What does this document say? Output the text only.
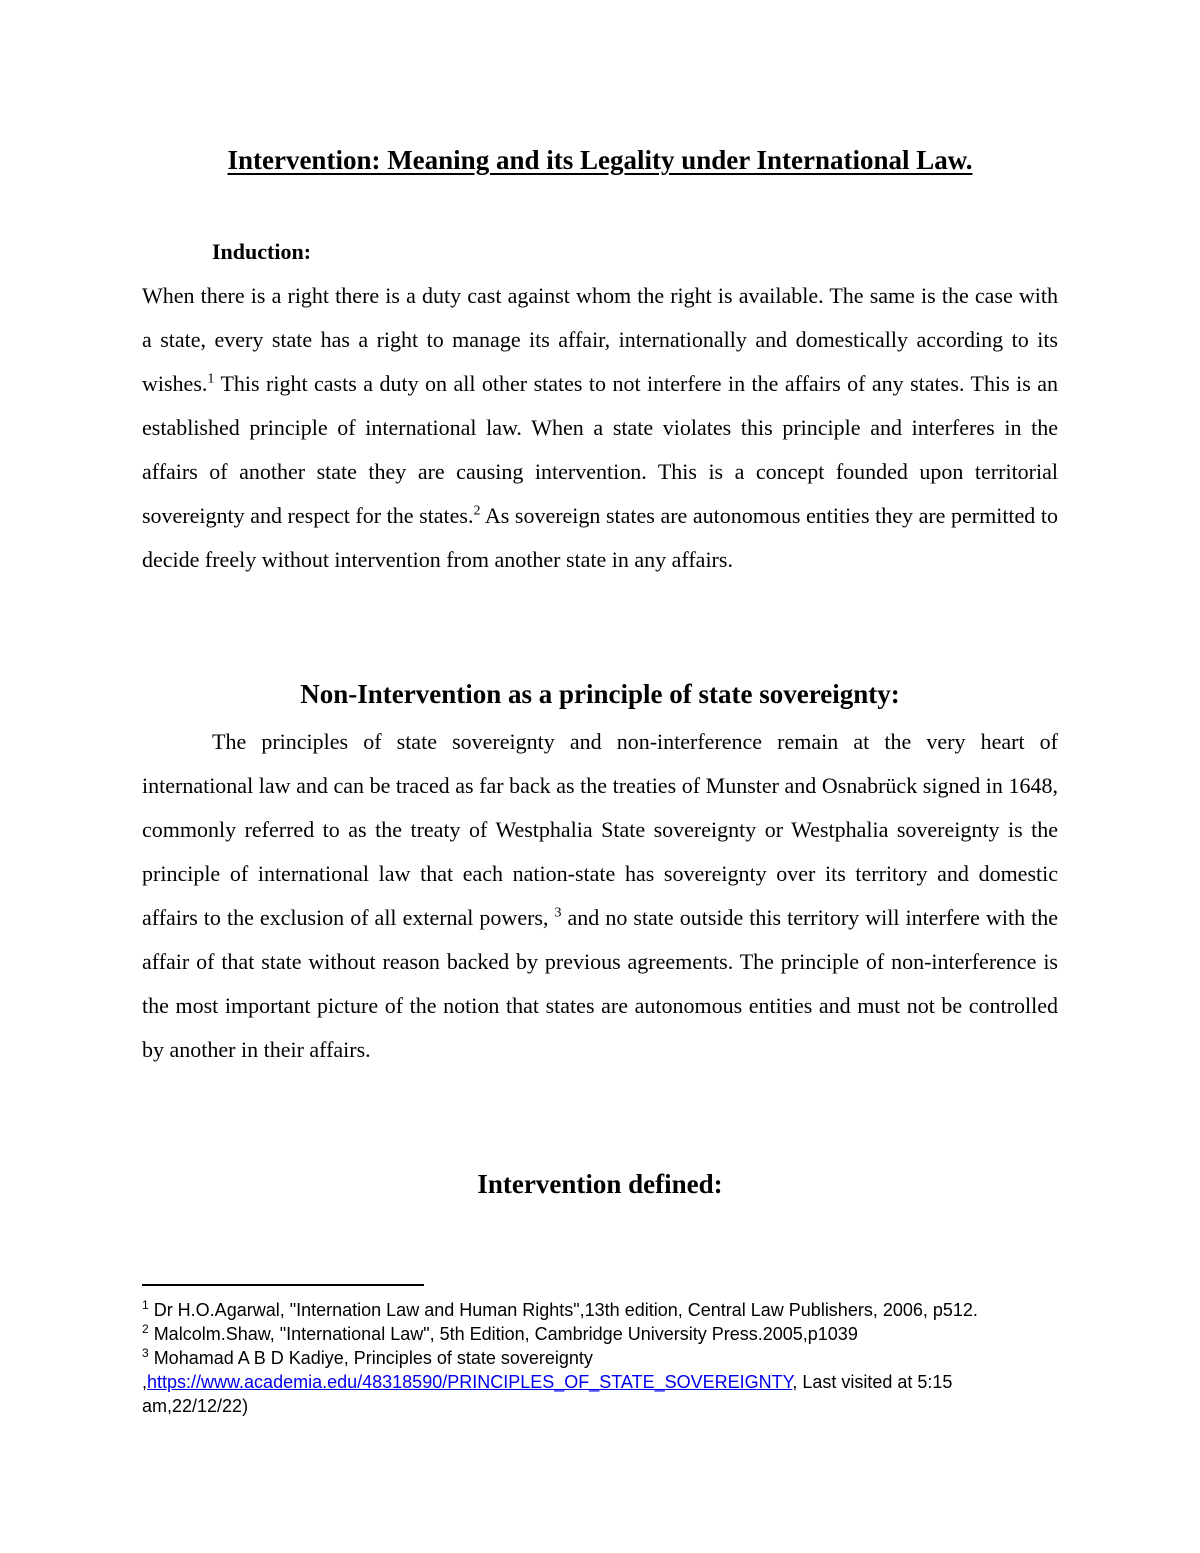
Intervention: Meaning and its Legality under International Law.
Induction:

When there is a right there is a duty cast against whom the right is available. The same is the case with a state, every state has a right to manage its affair, internationally and domestically according to its wishes.$^1$ This right casts a duty on all other states to not interfere in the affairs of any states. This is an established principle of international law. When a state violates this principle and interferes in the affairs of another state they are causing intervention. This is a concept founded upon territorial sovereignty and respect for the states.$^2$ As sovereign states are autonomous entities they are permitted to decide freely without intervention from another state in any affairs.

Non-Intervention as a principle of state sovereignty:

The principles of state sovereignty and non-interference remain at the very heart of international law and can be traced as far back as the treaties of Munster and Osnabrück signed in 1648, commonly referred to as the treaty of Westphalia State sovereignty or Westphalia sovereignty is the principle of international law that each nation-state has sovereignty over its territory and domestic affairs to the exclusion of all external powers, $^3$ and no state outside this territory will interfere with the affair of that state without reason backed by previous agreements. The principle of non-interference is the most important picture of the notion that states are autonomous entities and must not be controlled by another in their affairs.

Intervention defined:

$^1$ Dr H.O.Agarwal, "Internation Law and Human Rights",13th edition, Central Law Publishers, 2006, p512.

$^2$ Malcolm.Shaw, "International Law", 5th Edition, Cambridge University Press.2005,p1039

$^3$ Mohamad A B D Kadiye, Principles of state sovereignty ,https://www.academia.edu/48318590/PRINCIPLES_OF_STATE_SOVEREIGNTY, Last visited at 5:15 am,22/12/22)
